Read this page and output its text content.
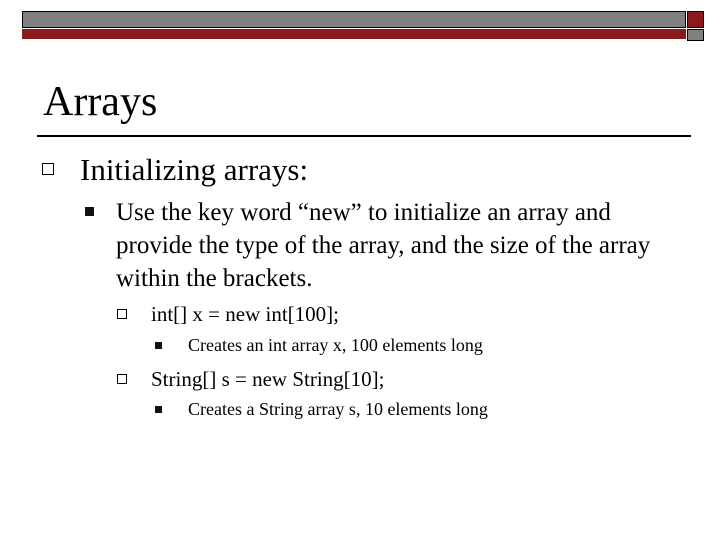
Arrays
Initializing arrays:
Use the key word “new” to initialize an array and provide the type of the array, and the size of the array within the brackets.
int[] x = new int[100];
Creates an int array x, 100 elements long
String[] s = new String[10];
Creates a String array s, 10 elements long
